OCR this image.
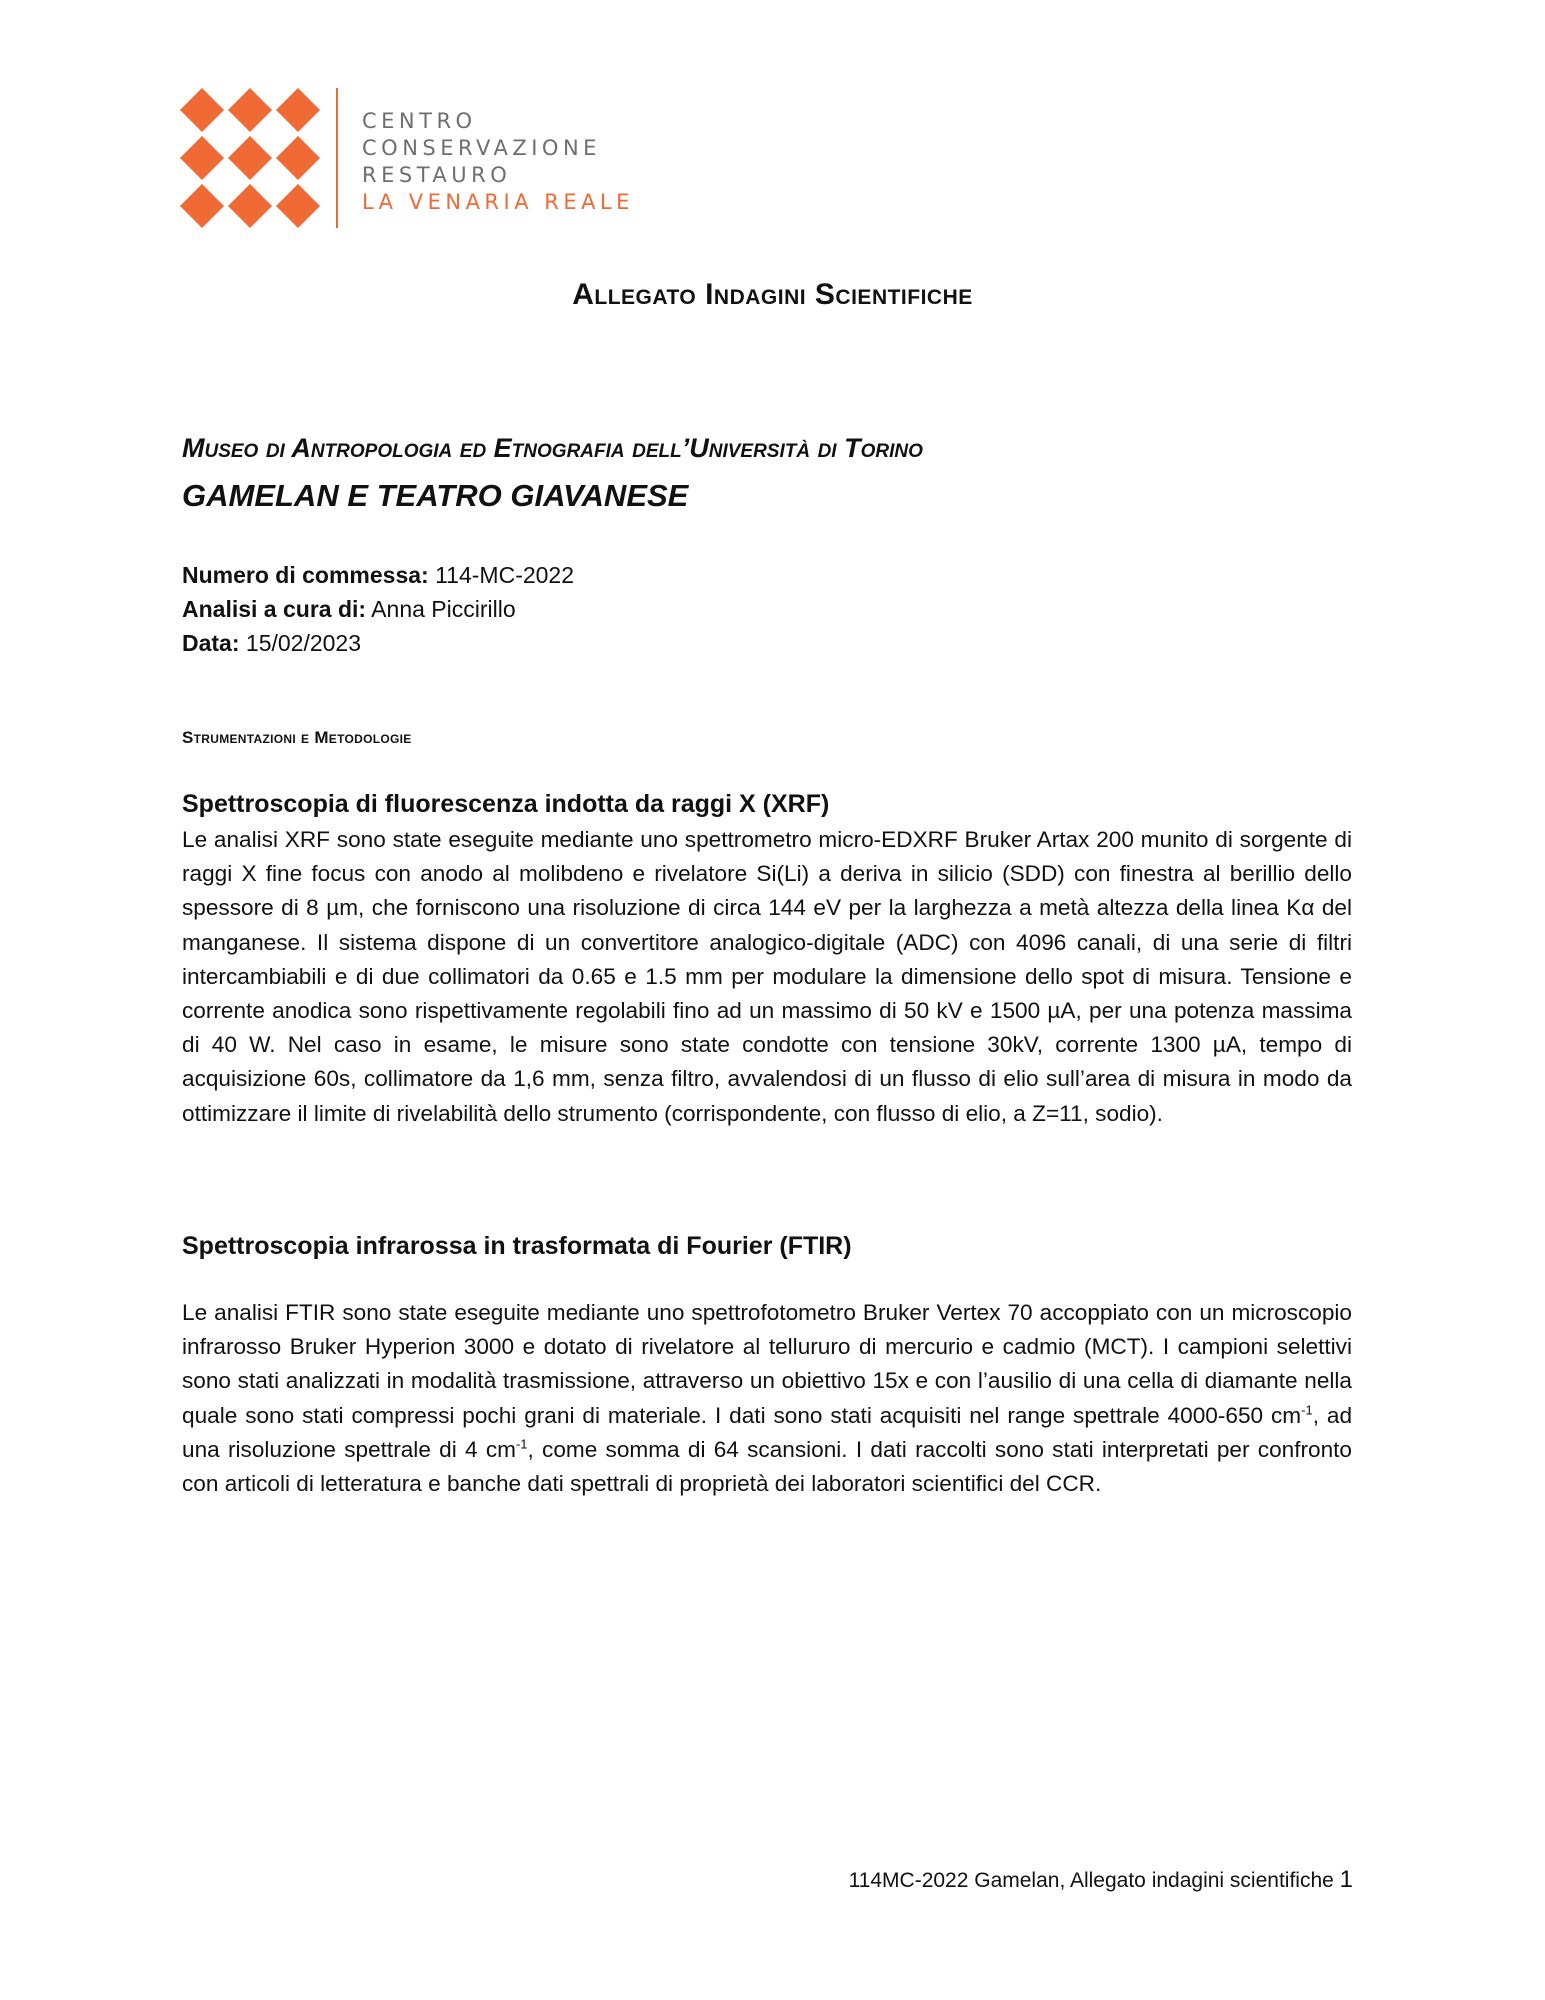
CENTRO
CONSERVAZIONE
RESTAURO
LA VENARIA REALE
Allegato Indagini Scientifiche
Museo di Antropologia ed Etnografia dell’Università di Torino
GAMELAN E TEATRO GIAVANESE
Numero di commessa: 114-MC-2022
Analisi a cura di: Anna Piccirillo
Data: 15/02/2023
Strumentazioni e Metodologie
Spettroscopia di fluorescenza indotta da raggi X (XRF)
Le analisi XRF sono state eseguite mediante uno spettrometro micro-EDXRF Bruker Artax 200 munito di sorgente di raggi X fine focus con anodo al molibdeno e rivelatore Si(Li) a deriva in silicio (SDD) con finestra al berillio dello spessore di 8 µm, che forniscono una risoluzione di circa 144 eV per la larghezza a metà altezza della linea Kα del manganese. Il sistema dispone di un convertitore analogico-digitale (ADC) con 4096 canali, di una serie di filtri intercambiabili e di due collimatori da 0.65 e 1.5 mm per modulare la dimensione dello spot di misura. Tensione e corrente anodica sono rispettivamente regolabili fino ad un massimo di 50 kV e 1500 µA, per una potenza massima di 40 W. Nel caso in esame, le misure sono state condotte con tensione 30kV, corrente 1300 µA, tempo di acquisizione 60s, collimatore da 1,6 mm, senza filtro, avvalendosi di un flusso di elio sull’area di misura in modo da ottimizzare il limite di rivelabilità dello strumento (corrispondente, con flusso di elio, a Z=11, sodio).
Spettroscopia infrarossa in trasformata di Fourier (FTIR)
Le analisi FTIR sono state eseguite mediante uno spettrofotometro Bruker Vertex 70 accoppiato con un microscopio infrarosso Bruker Hyperion 3000 e dotato di rivelatore al tellururo di mercurio e cadmio (MCT). I campioni selettivi sono stati analizzati in modalità trasmissione, attraverso un obiettivo 15x e con l’ausilio di una cella di diamante nella quale sono stati compressi pochi grani di materiale. I dati sono stati acquisiti nel range spettrale 4000-650 $cm^{-1}$, ad una risoluzione spettrale di 4 $cm^{-1}$, come somma di 64 scansioni. I dati raccolti sono stati interpretati per confronto con articoli di letteratura e banche dati spettrali di proprietà dei laboratori scientifici del CCR.
114MC-2022 Gamelan, Allegato indagini scientifiche 1
